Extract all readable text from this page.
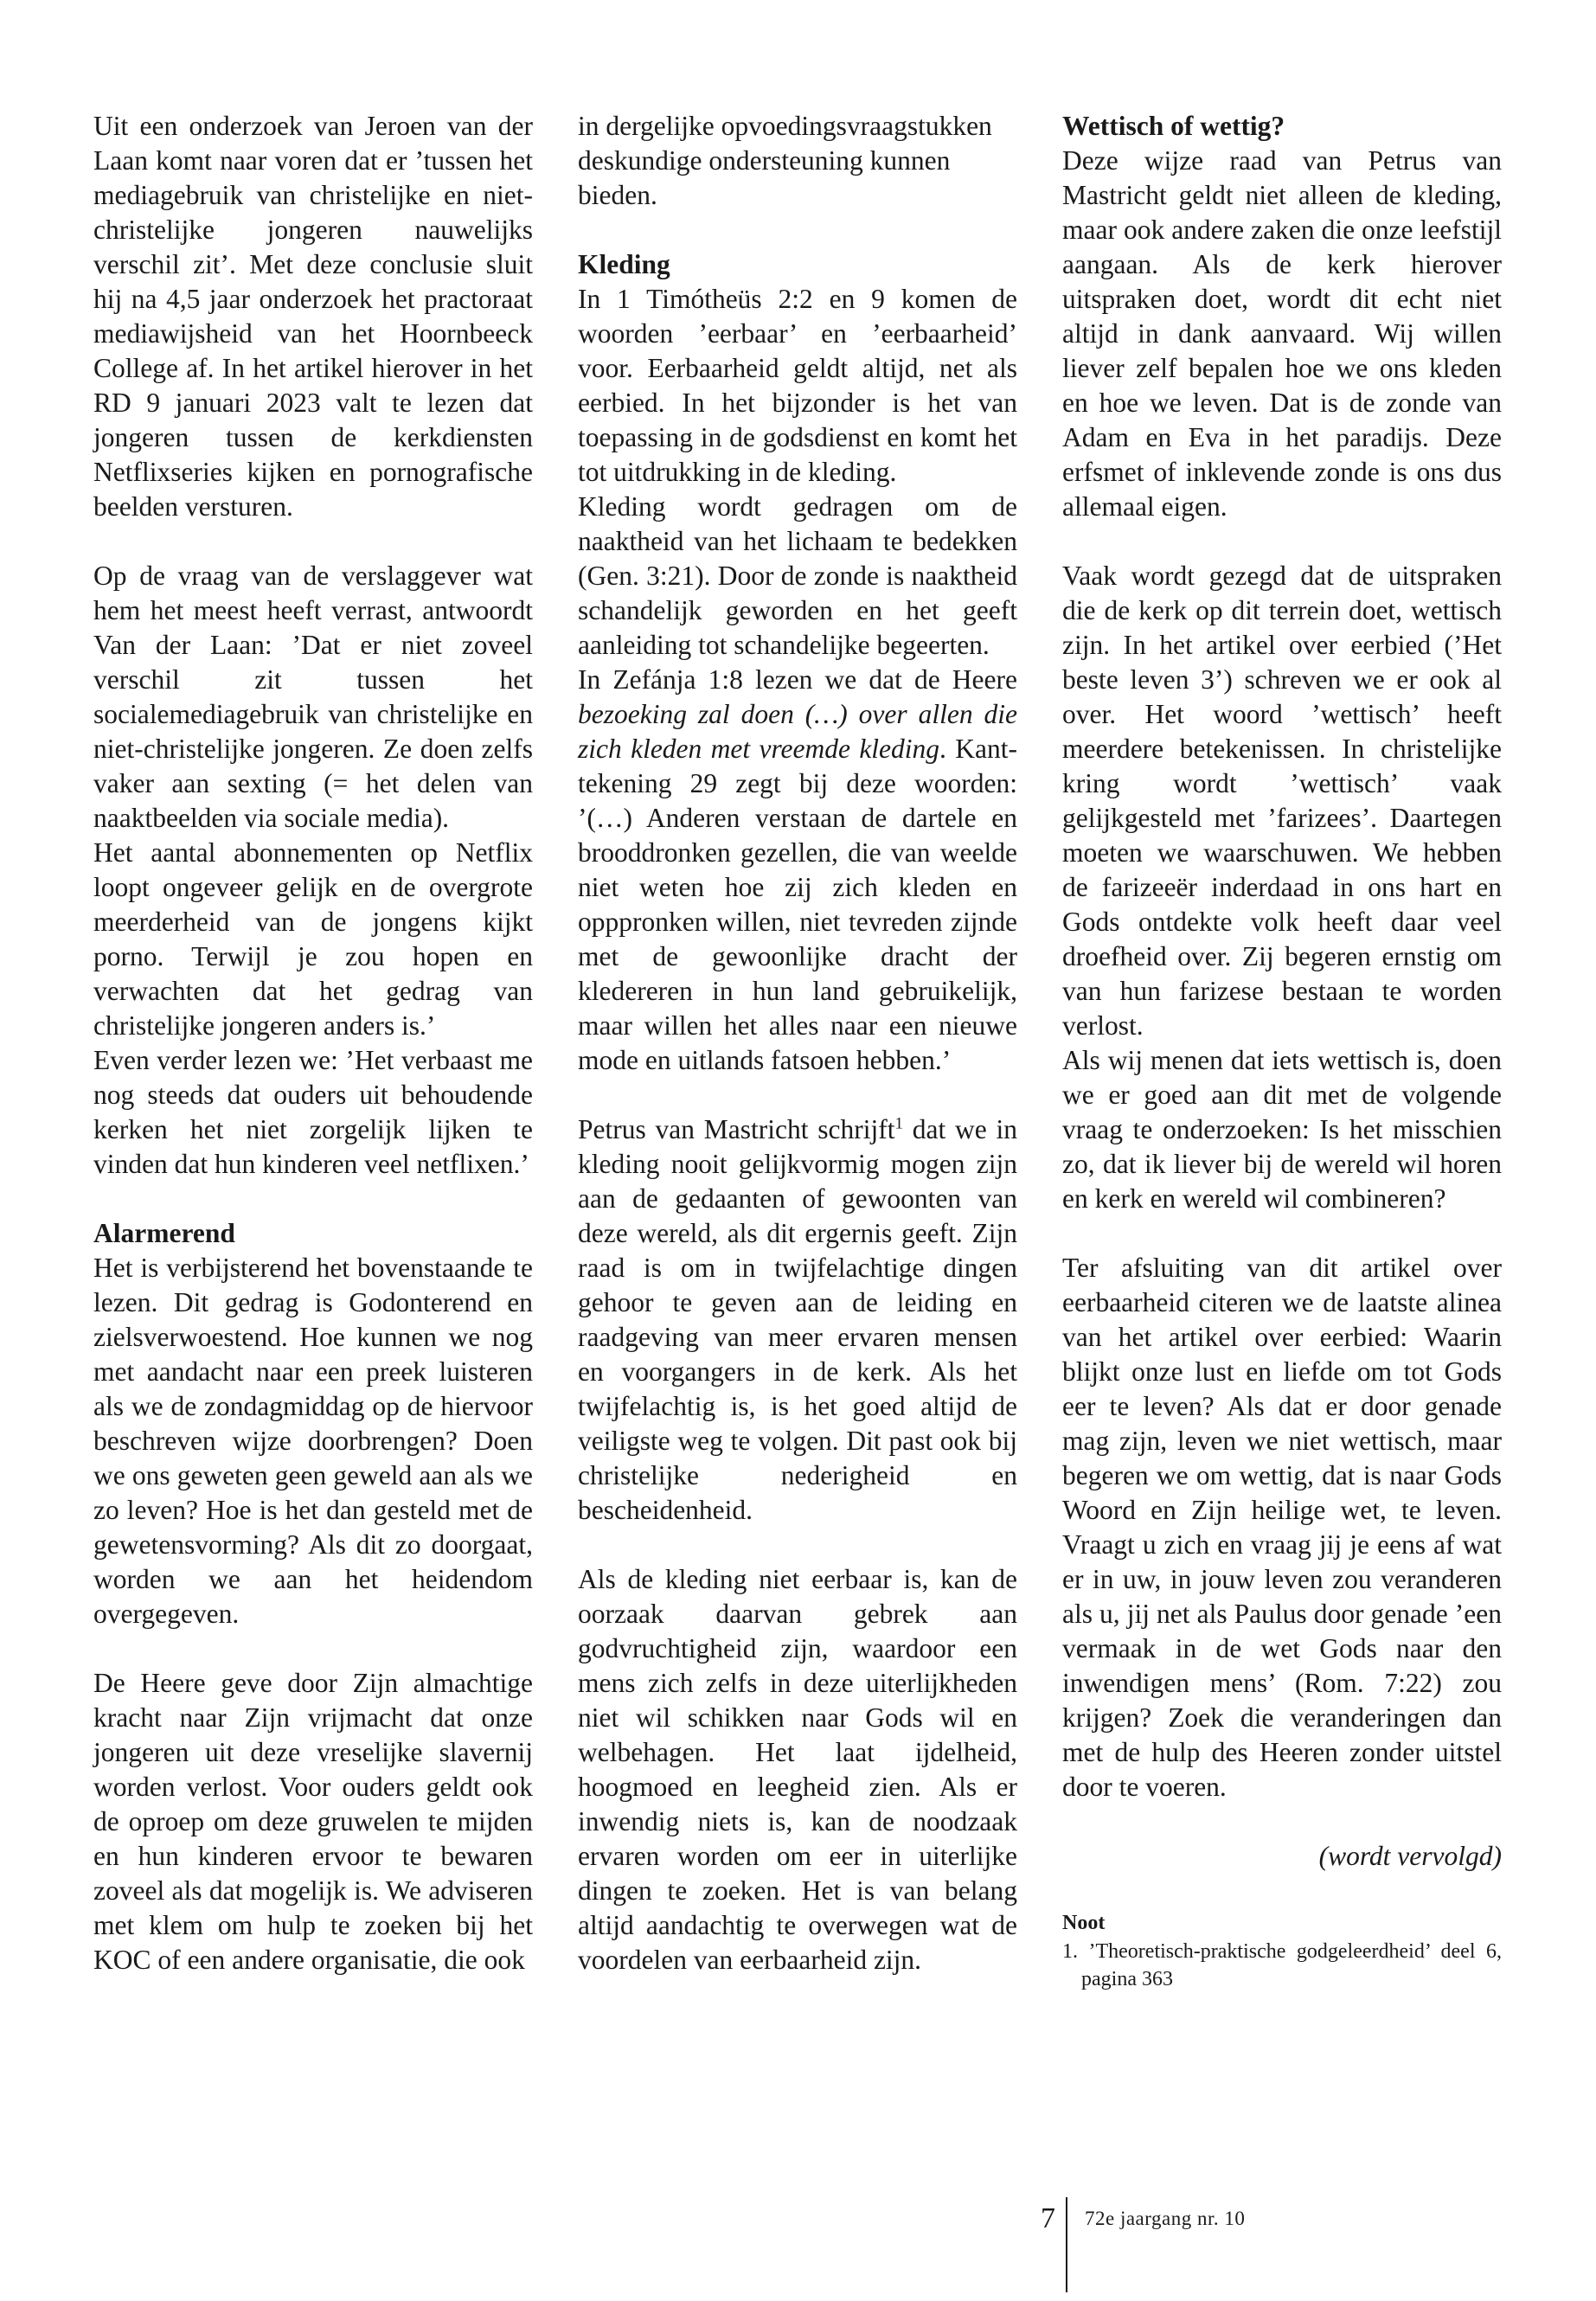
Uit een onderzoek van Jeroen van der Laan komt naar voren dat er ’tussen het mediagebruik van christelijke en niet-christelijke jongeren nauwelijks verschil zit’. Met deze conclusie sluit hij na 4,5 jaar onderzoek het practoraat mediawijsheid van het Hoornbeeck College af. In het artikel hierover in het RD 9 januari 2023 valt te lezen dat jongeren tussen de kerkdiensten Netflixseries kijken en pornografische beelden versturen.

Op de vraag van de verslaggever wat hem het meest heeft verrast, antwoordt Van der Laan: ’Dat er niet zoveel verschil zit tussen het socialemediagebruik van christelijke en niet-christelijke jongeren. Ze doen zelfs vaker aan sexting (= het delen van naaktbeelden via sociale media).

Het aantal abonnementen op Netflix loopt ongeveer gelijk en de overgrote meerderheid van de jongens kijkt porno. Terwijl je zou hopen en verwachten dat het gedrag van christelijke jongeren anders is.’

Even verder lezen we: ’Het verbaast me nog steeds dat ouders uit behoudende kerken het niet zorgelijk lijken te vinden dat hun kinderen veel netflixen.’

Alarmerend

Het is verbijsterend het bovenstaande te lezen. Dit gedrag is Godonterend en zielsverwoestend. Hoe kunnen we nog met aandacht naar een preek luisteren als we de zondagmiddag op de hiervoor beschreven wijze doorbrengen? Doen we ons geweten geen geweld aan als we zo leven? Hoe is het dan gesteld met de gewetensvorming? Als dit zo doorgaat, worden we aan het heidendom overgegeven.

De Heere geve door Zijn almachtige kracht naar Zijn vrijmacht dat onze jongeren uit deze vreselijke slavernij worden verlost. Voor ouders geldt ook de oproep om deze gruwelen te mijden en hun kinderen ervoor te bewaren zoveel als dat mogelijk is. We adviseren met klem om hulp te zoeken bij het KOC of een andere organisatie, die ook

in dergelijke opvoedingsvraagstukken deskundige ondersteuning kunnen bieden.

Kleding

In 1 Timótheüs 2:2 en 9 komen de woorden ’eerbaar’ en ’eerbaarheid’ voor. Eerbaarheid geldt altijd, net als eerbied. In het bijzonder is het van toepassing in de godsdienst en komt het tot uitdrukking in de kleding.

Kleding wordt gedragen om de naaktheid van het lichaam te bedekken (Gen. 3:21). Door de zonde is naaktheid schandelijk geworden en het geeft aanleiding tot schandelijke begeerten.

In Zefánja 1:8 lezen we dat de Heere bezoeking zal doen (…) over allen die zich kleden met vreemde kleding. Kanttekening 29 zegt bij deze woorden: ’(…) Anderen verstaan de dartele en brooddronken gezellen, die van weelde niet weten hoe zij zich kleden en opppronken willen, niet tevreden zijnde met de gewoonlijke dracht der kledereren in hun land gebruikelijk, maar willen het alles naar een nieuwe mode en uitlands fatsoen hebben.’

Petrus van Mastricht schrijft$^1$ dat we in kleding nooit gelijkvormig mogen zijn aan de gedaanten of gewoonten van deze wereld, als dit ergernis geeft. Zijn raad is om in twijfelachtige dingen gehoor te geven aan de leiding en raadgeving van meer ervaren mensen en voorgangers in de kerk. Als het twijfelachtig is, is het goed altijd de veiligste weg te volgen. Dit past ook bij christelijke nederigheid en bescheidenheid.

Als de kleding niet eerbaar is, kan de oorzaak daarvan gebrek aan godvruchtigheid zijn, waardoor een mens zich zelfs in deze uiterlijkheden niet wil schikken naar Gods wil en welbehagen. Het laat ijdelheid, hoogmoed en leegheid zien. Als er inwendig niets is, kan de noodzaak ervaren worden om eer in uiterlijke dingen te zoeken. Het is van belang altijd aandachtig te overwegen wat de voordelen van eerbaarheid zijn.

Wettisch of wettig?

Deze wijze raad van Petrus van Mastricht geldt niet alleen de kleding, maar ook andere zaken die onze leefstijl aangaan. Als de kerk hierover uitspraken doet, wordt dit echt niet altijd in dank aanvaard. Wij willen liever zelf bepalen hoe we ons kleden en hoe we leven. Dat is de zonde van Adam en Eva in het paradijs. Deze erfsmet of inklevende zonde is ons dus allemaal eigen.

Vaak wordt gezegd dat de uitspraken die de kerk op dit terrein doet, wettisch zijn. In het artikel over eerbied (’Het beste leven 3’) schreven we er ook al over. Het woord ’wettisch’ heeft meerdere betekenissen. In christelijke kring wordt ’wettisch’ vaak gelijkgesteld met ’farizees’. Daartegen moeten we waarschuwen. We hebben de farizeeër inderdaad in ons hart en Gods ontdekte volk heeft daar veel droefheid over. Zij begeren ernstig om van hun farizese bestaan te worden verlost.

Als wij menen dat iets wettisch is, doen we er goed aan dit met de volgende vraag te onderzoeken: Is het misschien zo, dat ik liever bij de wereld wil horen en kerk en wereld wil combineren?

Ter afsluiting van dit artikel over eerbaarheid citeren we de laatste alinea van het artikel over eerbied: Waarin blijkt onze lust en liefde om tot Gods eer te leven? Als dat er door genade mag zijn, leven we niet wettisch, maar begeren we om wettig, dat is naar Gods Woord en Zijn heilige wet, te leven. Vraagt u zich en vraag jij je eens af wat er in uw, in jouw leven zou veranderen als u, jij net als Paulus door genade ’een vermaak in de wet Gods naar den inwendigen mens’ (Rom. 7:22) zou krijgen? Zoek die veranderingen dan met de hulp des Heeren zonder uitstel door te voeren.

(wordt vervolgd)

Noot

1. ’Theoretisch-praktische godgeleerdheid’ deel 6, pagina 363

7 72e jaargang nr. 10
